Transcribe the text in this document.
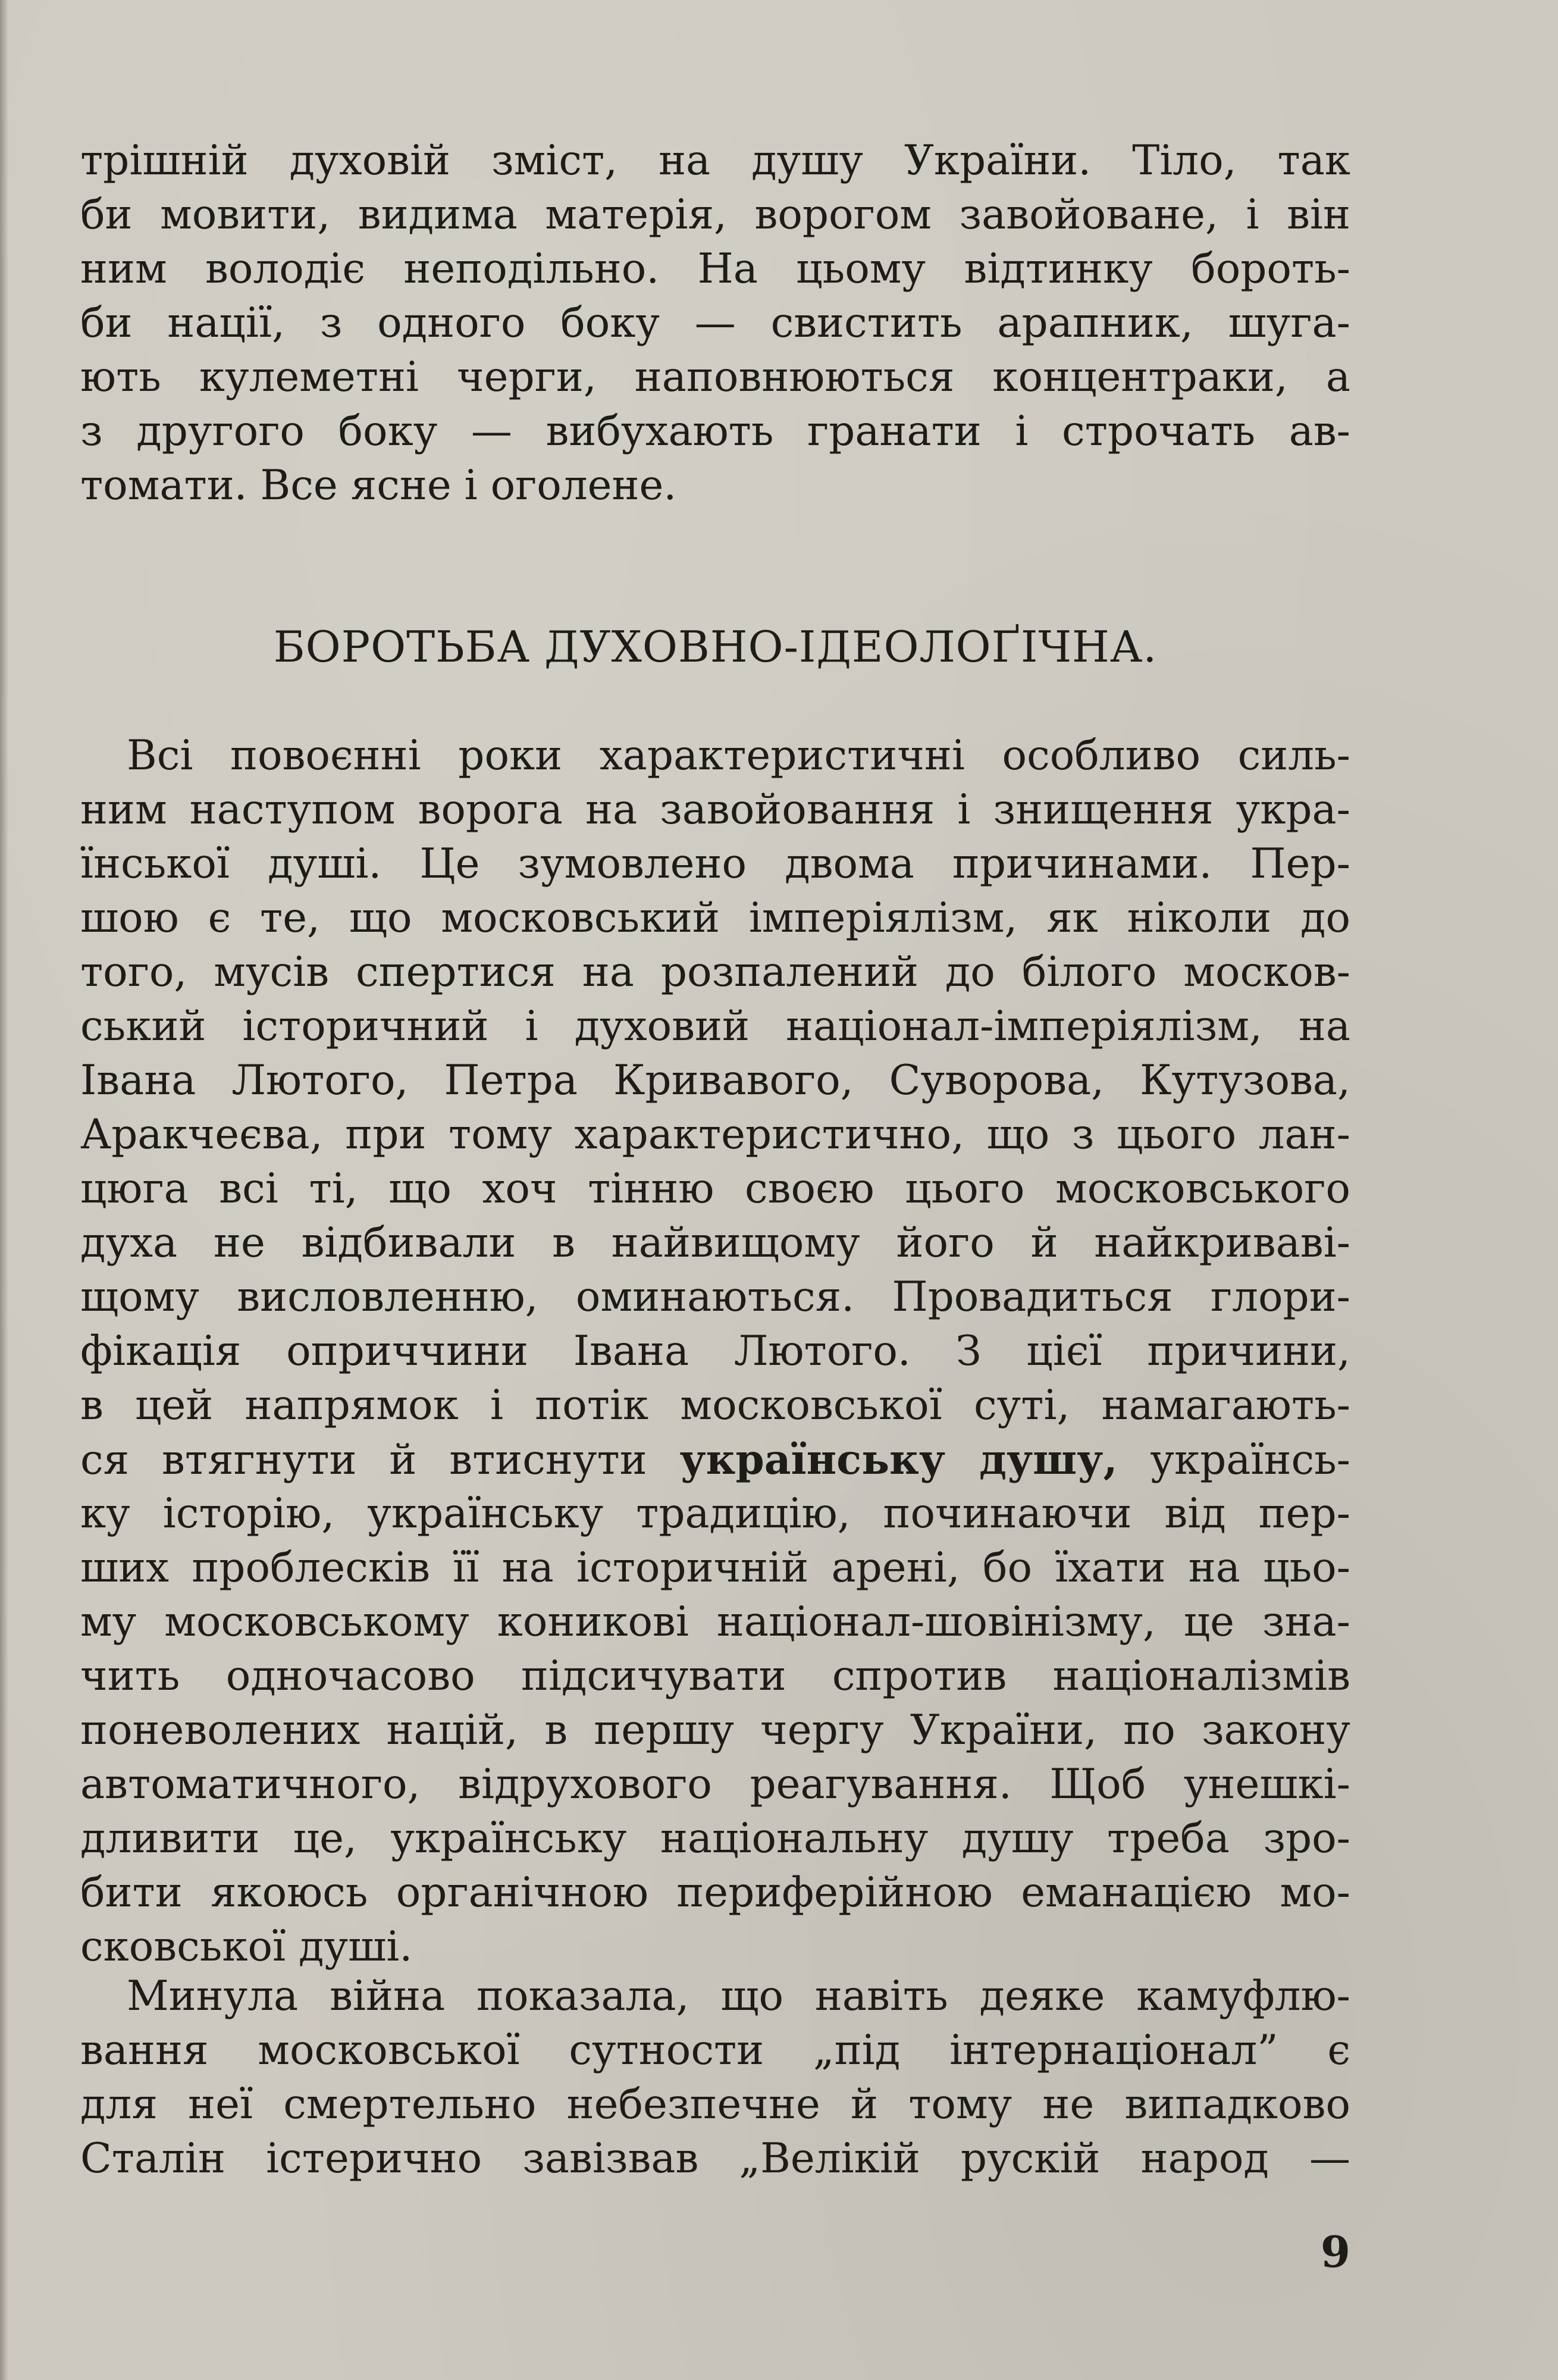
трішній духовій зміст, на душу України. Тіло, так
би мовити, видима матерія, ворогом завойоване, і він
ним володіє неподільно. На цьому відтинку бороть-
би нації, з одного боку — свистить арапник, шуга-
ють кулеметні черги, наповнюються концентраки, а
з другого боку — вибухають гранати і строчать ав-
томати. Все ясне і оголене.
БОРОТЬБА ДУХОВНО-ІДЕОЛОҐІЧНА.
Всі повоєнні роки характеристичні особливо силь-
ним наступом ворога на завойовання і знищення укра-
їнської душі. Це зумовлено двома причинами. Пер-
шою є те, що московський імперіялізм, як ніколи до
того, мусів спертися на розпалений до білого москов-
ський історичний і духовий націонал-імперіялізм, на
Івана Лютого, Петра Кривавого, Суворова, Кутузова,
Аракчеєва, при тому характеристично, що з цього лан-
цюга всі ті, що хоч тінню своєю цього московського
духа не відбивали в найвищому його й найкривaві-
щому висловленню, оминаються. Провадиться глори-
фікація оприччини Івана Лютого. З цієї причини,
в цей напрямок і потік московської суті, намагають-
ся втягнути й втиснути українську душу, українсь-
ку історію, українську традицію, починаючи від пер-
ших проблесків її на історичній арені, бо їхати на цьо-
му московському коникові націонал-шовінізму, це зна-
чить одночасово підсичувати спротив націоналізмів
поневолених націй, в першу чергу України, по закону
автоматичного, відрухового реагування. Щоб унешкі-
дливити це, українську національну душу треба зро-
бити якоюсь органічною периферійною еманацією мо-
сковської душі.
Минула війна показала, що навіть деяке камуфлю-
вання московської сутности „під інтернаціонал” є
для неї смертельно небезпечне й тому не випадково
Сталін істерично завізвав „Велікій рускій народ —
9
